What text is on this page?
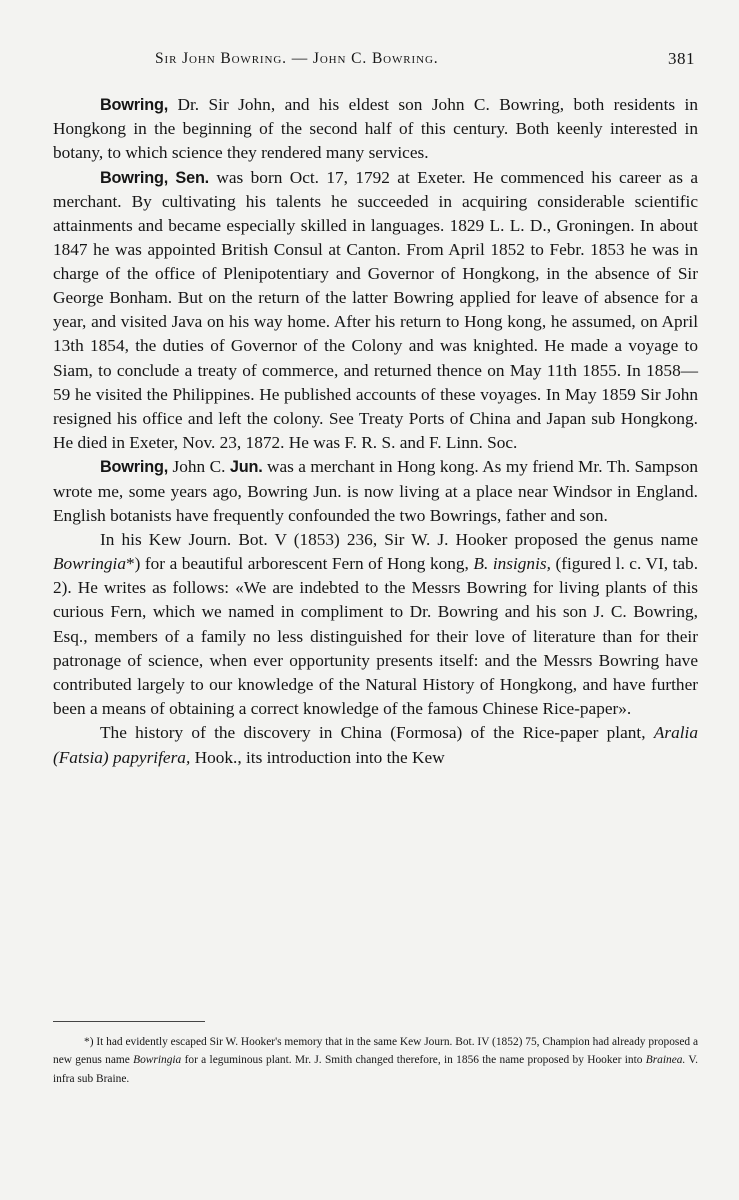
Sir John Bowring. — John C. Bowring.	381

Bowring, Dr. Sir John, and his eldest son John C. Bowring, both residents in Hongkong in the beginning of the second half of this century. Both keenly interested in botany, to which science they rendered many services.

Bowring, Sen. was born Oct. 17, 1792 at Exeter. He commenced his career as a merchant. By cultivating his talents he succeeded in acquiring considerable scientific attainments and became especially skilled in languages. 1829 L. L. D., Groningen. In about 1847 he was appointed British Consul at Canton. From April 1852 to Febr. 1853 he was in charge of the office of Plenipotentiary and Governor of Hongkong, in the absence of Sir George Bonham. But on the return of the latter Bowring applied for leave of absence for a year, and visited Java on his way home. After his return to Hong kong, he assumed, on April 13th 1854, the duties of Governor of the Colony and was knighted. He made a voyage to Siam, to conclude a treaty of commerce, and returned thence on May 11th 1855. In 1858—59 he visited the Philippines. He published accounts of these voyages. In May 1859 Sir John resigned his office and left the colony. See Treaty Ports of China and Japan sub Hongkong. He died in Exeter, Nov. 23, 1872. He was F. R. S. and F. Linn. Soc.

Bowring, John C. Jun. was a merchant in Hong kong. As my friend Mr. Th. Sampson wrote me, some years ago, Bowring Jun. is now living at a place near Windsor in England. English botanists have frequently confounded the two Bowrings, father and son.

In his Kew Journ. Bot. V (1853) 236, Sir W. J. Hooker proposed the genus name Bowringia*) for a beautiful arborescent Fern of Hong kong, B. insignis, (figured l. c. VI, tab. 2). He writes as follows: «We are indebted to the Messrs Bowring for living plants of this curious Fern, which we named in compliment to Dr. Bowring and his son J. C. Bowring, Esq., members of a family no less distinguished for their love of literature than for their patronage of science, when ever opportunity presents itself: and the Messrs Bowring have contributed largely to our knowledge of the Natural History of Hongkong, and have further been a means of obtaining a correct knowledge of the famous Chinese Rice-paper».

The history of the discovery in China (Formosa) of the Rice-paper plant, Aralia (Fatsia) papyrifera, Hook., its introduction into the Kew

*) It had evidently escaped Sir W. Hooker's memory that in the same Kew Journ. Bot. IV (1852) 75, Champion had already proposed a new genus name Bowringia for a leguminous plant. Mr. J. Smith changed therefore, in 1856 the name proposed by Hooker into Brainea. V. infra sub Braine.
